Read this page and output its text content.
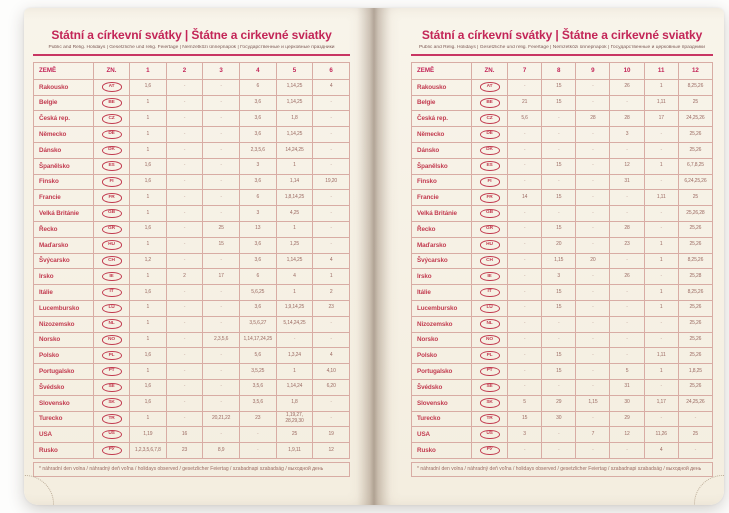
Státní a církevní svátky | Štátne a cirkevné sviatky

Public and Relig. Holidays | Gesetzliche und relig. Feiertage | Nemzetközi ünnepnapok | Государственные и церковные праздники

ZEMĚ	ZN.	1	2	3	4	5	6
Rakousko	AT	1,6	-	-	6	1,14,25	4
Belgie	BE	1	-	-	3,6	1,14,25	-
Česká rep.	CZ	1	-	-	3,6	1,8	-
Německo	DE	1	-	-	3,6	1,14,25	-
Dánsko	DK	1	-	-	2,3,5,6	14,24,25	-
Španělsko	ES	1,6	-	-	3	1	-
Finsko	FI	1,6	-	-	3,6	1,14	19,20
Francie	FR	1	-	-	6	1,8,14,25	-
Velká Británie	GB	1	-	-	3	4,25	-
Řecko	GR	1,6	-	25	13	1	-
Maďarsko	HU	1	-	15	3,6	1,25	-
Švýcarsko	CH	1,2	-	-	3,6	1,14,25	4
Irsko	IE	1	2	17	6	4	1
Itálie	IT	1,6	-	-	5,6,25	1	2
Lucembursko	LU	1	-	-	3,6	1,9,14,25	23
Nizozemsko	NL	1	-	-	3,5,6,27	5,14,24,25	-
Norsko	NO	1	-	2,3,5,6	1,14,17,24,25	-	-
Polsko	PL	1,6	-	-	5,6	1,3,24	4
Portugalsko	PT	1	-	-	3,5,25	1	4,10
Švédsko	SE	1,6	-	-	3,5,6	1,14,24	6,20
Slovensko	SK	1,6	-	-	3,5,6	1,8	-
Turecko	TR	1	-	20,21,22	23	1,19,27, 28,29,30	-
USA	US	1,19	16	-	-	25	19
Rusko	РУ	1,2,3,5,6,7,8	23	8,9	-	1,9,11	12
* náhradní den volna / náhradný deň voľna / holidays observed / gesetzlicher Feiertag / szabadnapi szabadság / выходной день
Státní a církevní svátky | Štátne a cirkevné sviatky

Public and Relig. Holidays | Gesetzliche und relig. Feiertage | Nemzetközi ünnepnapok | Государственные и церковные праздники

ZEMĚ	ZN.	7	8	9	10	11	12
Rakousko	AT	-	15	-	26	1	8,25,26
Belgie	BE	21	15	-	-	1,11	25
Česká rep.	CZ	5,6	-	28	28	17	24,25,26
Německo	DE	-	-	-	3	-	25,26
Dánsko	DK	-	-	-	-	-	25,26
Španělsko	ES	-	15	-	12	1	6,7,8,25
Finsko	FI	-	-	-	31	-	6,24,25,26
Francie	FR	14	15	-	-	1,11	25
Velká Británie	GB	-	-	-	-	-	25,26,28
Řecko	GR	-	15	-	28	-	25,26
Maďarsko	HU	-	20	-	23	1	25,26
Švýcarsko	CH	-	1,15	20	-	1	8,25,26
Irsko	IE	-	3	-	26	-	25,28
Itálie	IT	-	15	-	-	1	8,25,26
Lucembursko	LU	-	15	-	-	1	25,26
Nizozemsko	NL	-	-	-	-	-	25,26
Norsko	NO	-	-	-	-	-	25,26
Polsko	PL	-	15	-	-	1,11	25,26
Portugalsko	PT	-	15	-	5	1	1,8,25
Švédsko	SE	-	-	-	31	-	25,26
Slovensko	SK	5	29	1,15	30	1,17	24,25,26
Turecko	TR	15	30	-	29	-	-
USA	US	3	-	7	12	11,26	25
Rusko	РУ	-	-	-	-	4	-
* náhradní den volna / náhradný deň voľna / holidays observed / gesetzlicher Feiertag / szabadnapi szabadság / выходной день
